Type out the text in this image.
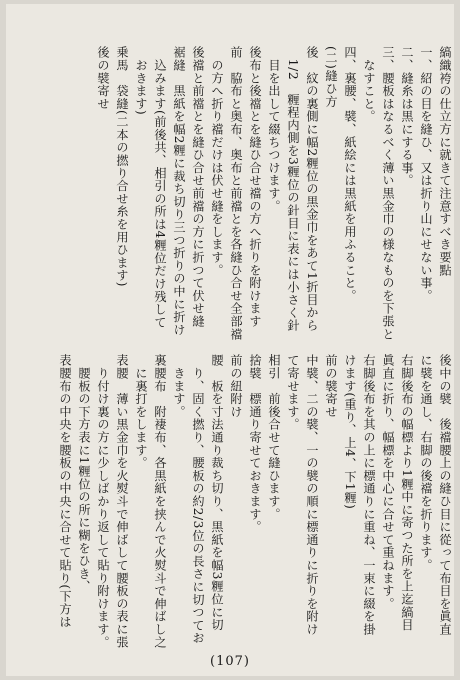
縞織袴の仕立方に就きて注意すべき要點
一、紹の目を縫ひ、又は折り山にせない事。
二、縫糸は黒にする事。
三、腰板はなるべく薄い黒金巾の様なものを下張と
　なすこと。
四、裏腰、襞、紙絵には黒紙を用ふること。
(二)縫ひ方
後　紋の裏側に幅2糎位の黒金巾をあて1折目から
　1/2　糎程内側を3糎位の針目に表には小さく針
　目を出して綴ちつけます。
後布と後襠とを縫ひ合せ襠の方へ折りを附けます
前　脇布と奥布、奥布と前襠とを各縫ひ合せ全部襠
　の方へ折り襠だけは伏せ縫をします。
後襠と前襠とを縫ひ合せ前襠の方に折つて伏せ縫
裾縫　黒紙を幅2糎に裁ち切り三つ折りの中に折け
　込みます(前後共、相引の所は4糎位だけ残して
　おきます)
乗馬　袋縫(二本の撚り合せ糸を用ひます)
後の襞寄せ
後中の襞　後襠腰上の縫ひ目に從って布目を眞直
に襞を通し、右脚の後襠を折ります。
右脚後布の幅標より1糎中に寄つた所を上迄縞目
眞直に折り、幅標を中心に合せて重ねます。
右脚後布を其の上に標通りに重ね、一束に綴を掛
けます(重り、上4、下1糎)
前の襞寄せ
中襞、二の襞、一の襞の順に標通りに折りを附け
て寄せます。
相引　前後合せて縫ひます。
捨襞　標通り寄せておきます。
前の紐附け
腰　板を寸法通り裁ち切り、黒紙を幅3糎位に切
　り、固く撚り、腰板の約2/3位の長さに切つてお
　きます。
裏腰布　附褄布、各黒紙を挟んで火熨斗で伸ばし之
　に裏打をします。
表腰　薄い黒金巾を火熨斗で伸ばして腰板の表に張
　り付け裏の方に少しばかり返して貼り附けます。
　腰板の下方表に1糎位の所に糊をひき、
表腰布の中央を腰板の中央に合せて貼り(下方は
(107)
